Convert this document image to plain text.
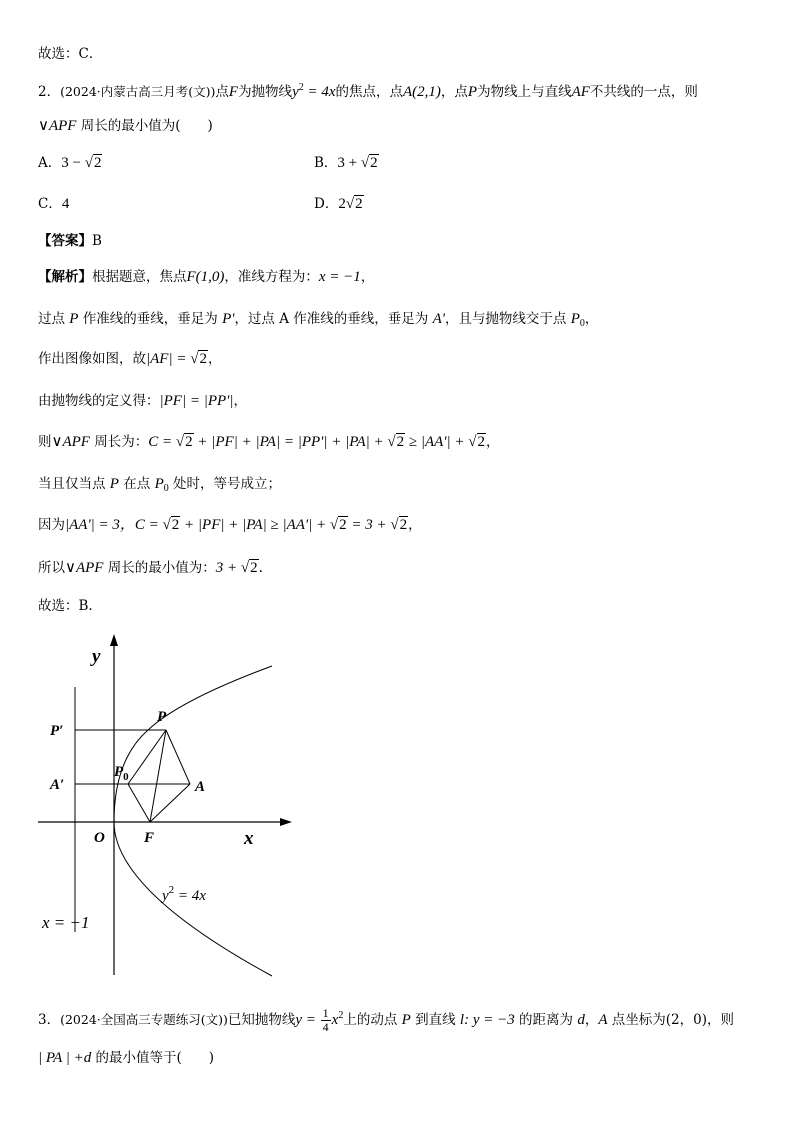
故选：C．
2．(2024·内蒙古高三月考(文))点F为抛物线$y^2 = 4x$的焦点，点A(2,1)，点P为物线上与直线AF不共线的一点，则
∨APF 周长的最小值为(　　)
A．3 − √2	B．3 + √2
C．4	D．2√2
【答案】B
【解析】根据题意，焦点F(1,0)，准线方程为：x = −1，
过点 P 作准线的垂线，垂足为 P'，过点 A 作准线的垂线，垂足为 A'，且与抛物线交于点 $P_0$，
作出图像如图，故|AF| = √2，
由抛物线的定义得：|PF| = |PP'|，
则∨APF 周长为：C = √2 + |PF| + |PA| = |PP'| + |PA| + √2 ≥ |AA'| + √2，
当且仅当点 P 在点 $P_0$ 处时，等号成立；
因为|AA'| = 3，C = √2 + |PF| + |PA| ≥ |AA'| + √2 = 3 + √2，
所以∨APF 周长的最小值为：3 + √2.
故选：B.
y
x
O	F
P
P′
A′	A
$P_0$
$y^2 = 4x$
x = −1
3．(2024·全国高三专题练习(文))已知抛物线$y = \frac{1}{4} x^2$上的动点 P 到直线 l: y = −3 的距离为 d，A 点坐标为(2，0)，则
| PA | +d 的最小值等于(　　)
